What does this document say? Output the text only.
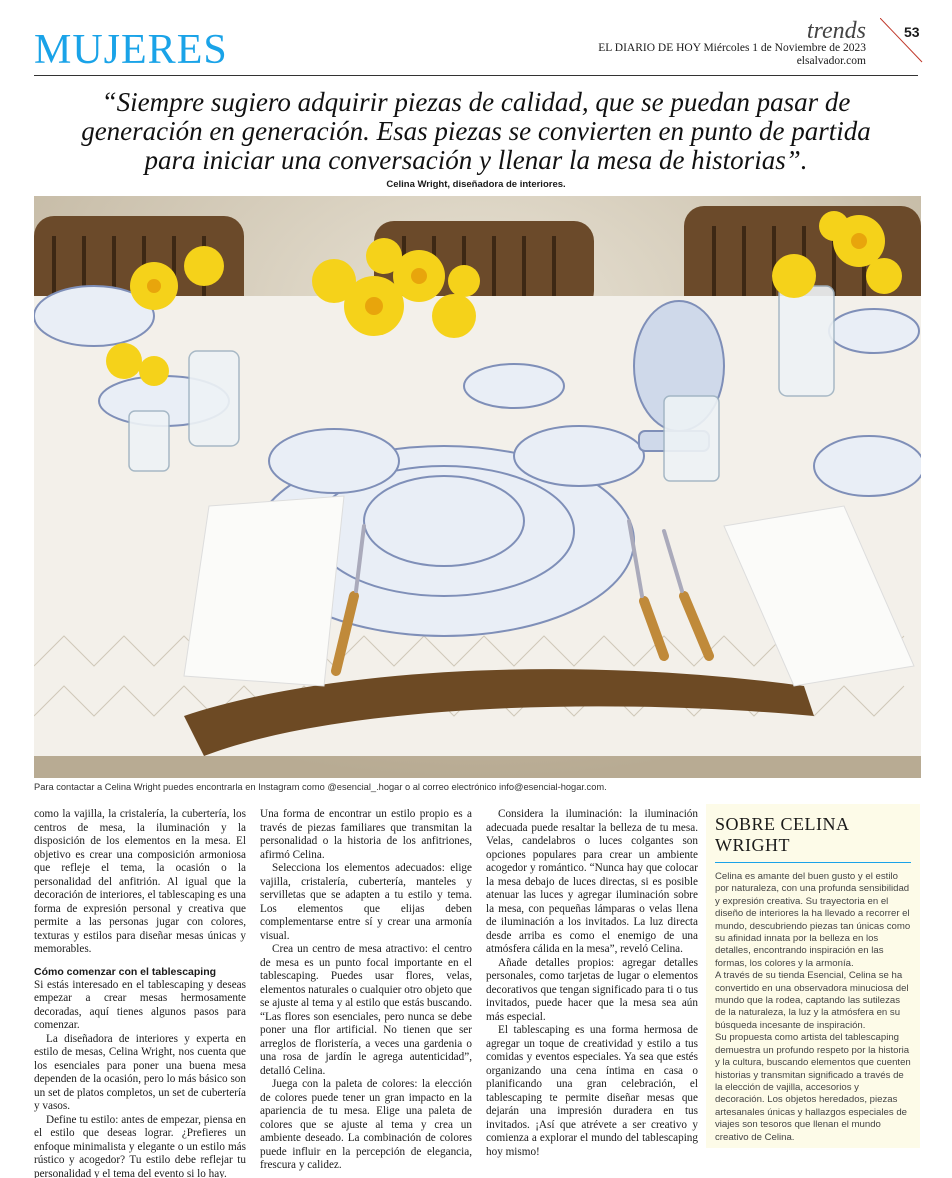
MUJERES	trends
EL DIARIO DE HOY Miércoles 1 de Noviembre de 2023
elsalvador.com
53
“Siempre sugiero adquirir piezas de calidad, que se puedan pasar de generación en generación. Esas piezas se convierten en punto de partida para iniciar una conversación y llenar la mesa de historias”.
Celina Wright, diseñadora de interiores.
Para contactar a Celina Wright puedes encontrarla en Instagram como @esencial_.hogar o al correo electrónico info@esencial-hogar.com.

como la vajilla, la cristalería, la cubertería, los centros de mesa, la iluminación y la disposición de los elementos en la mesa. El objetivo es crear una composición armoniosa que refleje el tema, la ocasión o la personalidad del anfitrión. Al igual que la decoración de interiores, el tablescaping es una forma de expresión personal y creativa que permite a las personas jugar con colores, texturas y estilos para diseñar mesas únicas y memorables.

Cómo comenzar con el tablescaping

Si estás interesado en el tablescaping y deseas empezar a crear mesas hermosamente decoradas, aquí tienes algunos pasos para comenzar.

La diseñadora de interiores y experta en estilo de mesas, Celina Wright, nos cuenta que los esenciales para poner una buena mesa dependen de la ocasión, pero lo más básico son un set de platos completos, un set de cubertería y vasos.

Define tu estilo: antes de empezar, piensa en el estilo que deseas lograr. ¿Prefieres un enfoque minimalista y elegante o un estilo más rústico y acogedor? Tu estilo debe reflejar tu personalidad y el tema del evento si lo hay.

Una forma de encontrar un estilo propio es a través de piezas familiares que transmitan la personalidad o la historia de los anfitriones, afirmó Celina.

Selecciona los elementos adecuados: elige vajilla, cristalería, cubertería, manteles y servilletas que se adapten a tu estilo y tema. Los elementos que elijas deben complementarse entre sí y crear una armonía visual.

Crea un centro de mesa atractivo: el centro de mesa es un punto focal importante en el tablescaping. Puedes usar flores, velas, elementos naturales o cualquier otro objeto que se ajuste al tema y al estilo que estás buscando. “Las flores son esenciales, pero nunca se debe poner una flor artificial. No tienen que ser arreglos de floristería, a veces una gardenia o una rosa de jardín le agrega autenticidad”, detalló Celina.

Juega con la paleta de colores: la elección de colores puede tener un gran impacto en la apariencia de tu mesa. Elige una paleta de colores que se ajuste al tema y crea un ambiente deseado. La combinación de colores puede influir en la percepción de elegancia, frescura y calidez.

Considera la iluminación: la iluminación adecuada puede resaltar la belleza de tu mesa. Velas, candelabros o luces colgantes son opciones populares para crear un ambiente acogedor y romántico. “Nunca hay que colocar la mesa debajo de luces directas, si es posible atenuar las luces y agregar iluminación sobre la mesa, con pequeñas lámparas o velas llena de iluminación a los invitados. La luz directa desde arriba es como el enemigo de una atmósfera cálida en la mesa”, reveló Celina.

Añade detalles propios: agregar detalles personales, como tarjetas de lugar o elementos decorativos que tengan significado para ti o tus invitados, puede hacer que la mesa sea aún más especial.

El tablescaping es una forma hermosa de agregar un toque de creatividad y estilo a tus comidas y eventos especiales. Ya sea que estés organizando una cena íntima en casa o planificando una gran celebración, el tablescaping te permite diseñar mesas que dejarán una impresión duradera en tus invitados. ¡Así que atrévete a ser creativo y comienza a explorar el mundo del tablescaping hoy mismo!

SOBRE CELINA WRIGHT

Celina es amante del buen gusto y el estilo por naturaleza, con una profunda sensibilidad y expresión creativa. Su trayectoria en el diseño de interiores la ha llevado a recorrer el mundo, descubriendo piezas tan únicas como su afinidad innata por la belleza en los detalles, encontrando inspiración en las formas, los colores y la armonía.

A través de su tienda Esencial, Celina se ha convertido en una observadora minuciosa del mundo que la rodea, captando las sutilezas de la naturaleza, la luz y la atmósfera en su búsqueda incesante de inspiración.

Su propuesta como artista del tablescaping demuestra un profundo respeto por la historia y la cultura, buscando elementos que cuenten historias y transmitan significado a través de la elección de vajilla, accesorios y decoración. Los objetos heredados, piezas artesanales únicas y hallazgos especiales de viajes son tesoros que llenan el mundo creativo de Celina.
